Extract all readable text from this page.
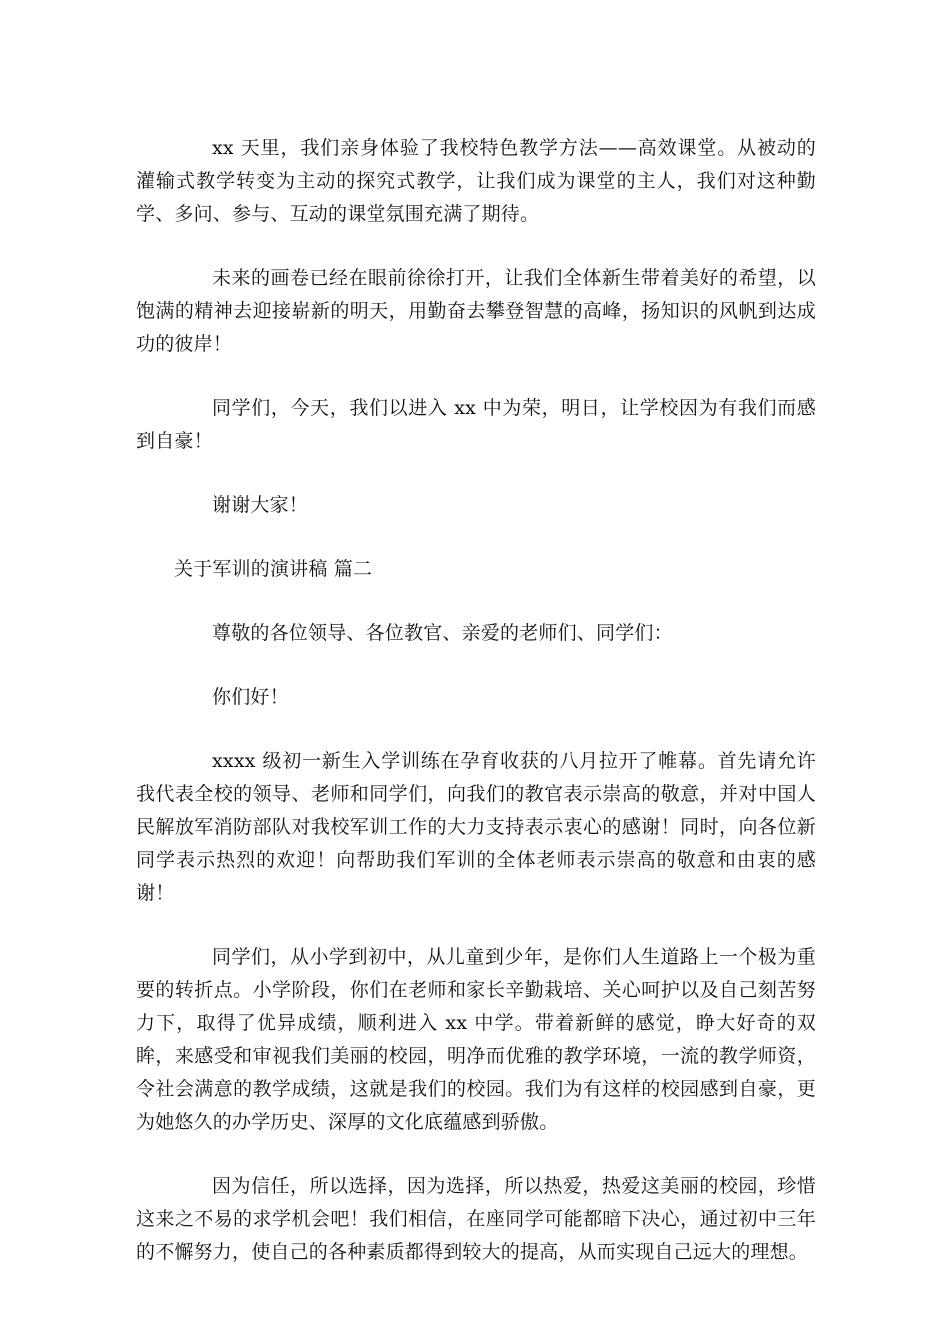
xx 天里，我们亲身体验了我校特色教学方法——高效课堂。从被动的灌输式教学转变为主动的探究式教学，让我们成为课堂的主人，我们对这种勤学、多问、参与、互动的课堂氛围充满了期待。

未来的画卷已经在眼前徐徐打开，让我们全体新生带着美好的希望，以饱满的精神去迎接崭新的明天，用勤奋去攀登智慧的高峰，扬知识的风帆到达成功的彼岸！

同学们，今天，我们以进入 xx 中为荣，明日，让学校因为有我们而感到自豪！

谢谢大家！

关于军训的演讲稿 篇二

尊敬的各位领导、各位教官、亲爱的老师们、同学们：

你们好！

xxxx 级初一新生入学训练在孕育收获的八月拉开了帷幕。首先请允许我代表全校的领导、老师和同学们，向我们的教官表示崇高的敬意，并对中国人民解放军消防部队对我校军训工作的大力支持表示衷心的感谢！同时，向各位新同学表示热烈的欢迎！向帮助我们军训的全体老师表示崇高的敬意和由衷的感谢！

同学们，从小学到初中，从儿童到少年，是你们人生道路上一个极为重要的转折点。小学阶段，你们在老师和家长辛勤栽培、关心呵护以及自己刻苦努力下，取得了优异成绩，顺利进入 xx 中学。带着新鲜的感觉，睁大好奇的双眸，来感受和审视我们美丽的校园，明净而优雅的教学环境，一流的教学师资，令社会满意的教学成绩，这就是我们的校园。我们为有这样的校园感到自豪，更为她悠久的办学历史、深厚的文化底蕴感到骄傲。

因为信任，所以选择，因为选择，所以热爱，热爱这美丽的校园，珍惜这来之不易的求学机会吧！我们相信，在座同学可能都暗下决心，通过初中三年的不懈努力，使自己的各种素质都得到较大的提高，从而实现自己远大的理想。
